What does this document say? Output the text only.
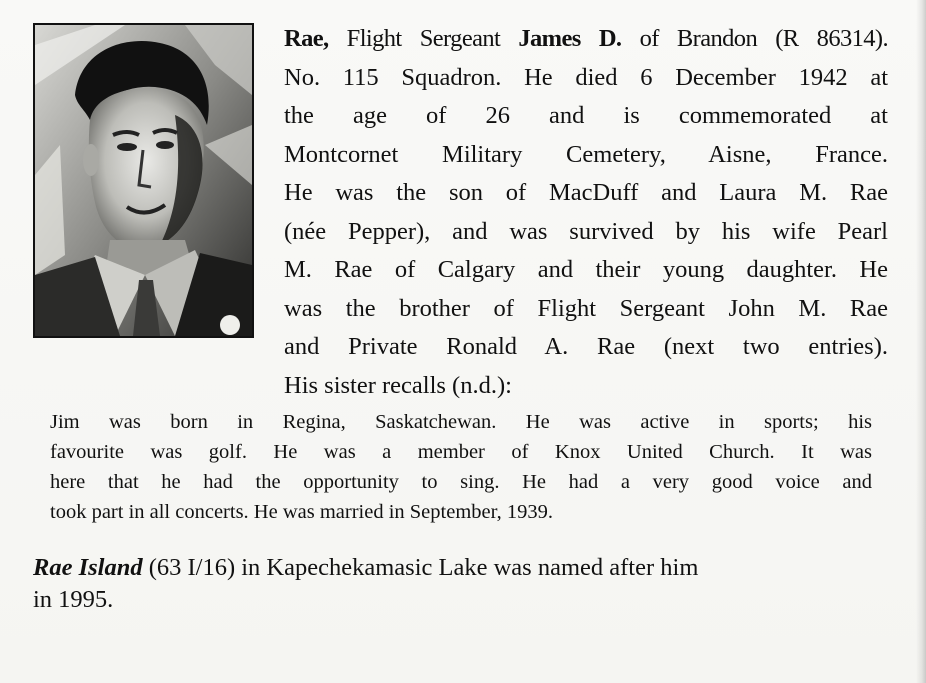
Rae, Flight Sergeant James D. of Brandon (R 86314).
No. 115 Squadron. He died 6 December 1942 at
the age of 26 and is commemorated at
Montcornet Military Cemetery, Aisne, France.
He was the son of MacDuff and Laura M. Rae
(née Pepper), and was survived by his wife Pearl
M. Rae of Calgary and their young daughter. He
was the brother of Flight Sergeant John M. Rae
and Private Ronald A. Rae (next two entries).
His sister recalls (n.d.):
Jim was born in Regina, Saskatchewan. He was active in sports; his
favourite was golf. He was a member of Knox United Church. It was
here that he had the opportunity to sing. He had a very good voice and
took part in all concerts. He was married in September, 1939.
Rae Island (63 I/16) in Kapechekamasic Lake was named after him
in 1995.
